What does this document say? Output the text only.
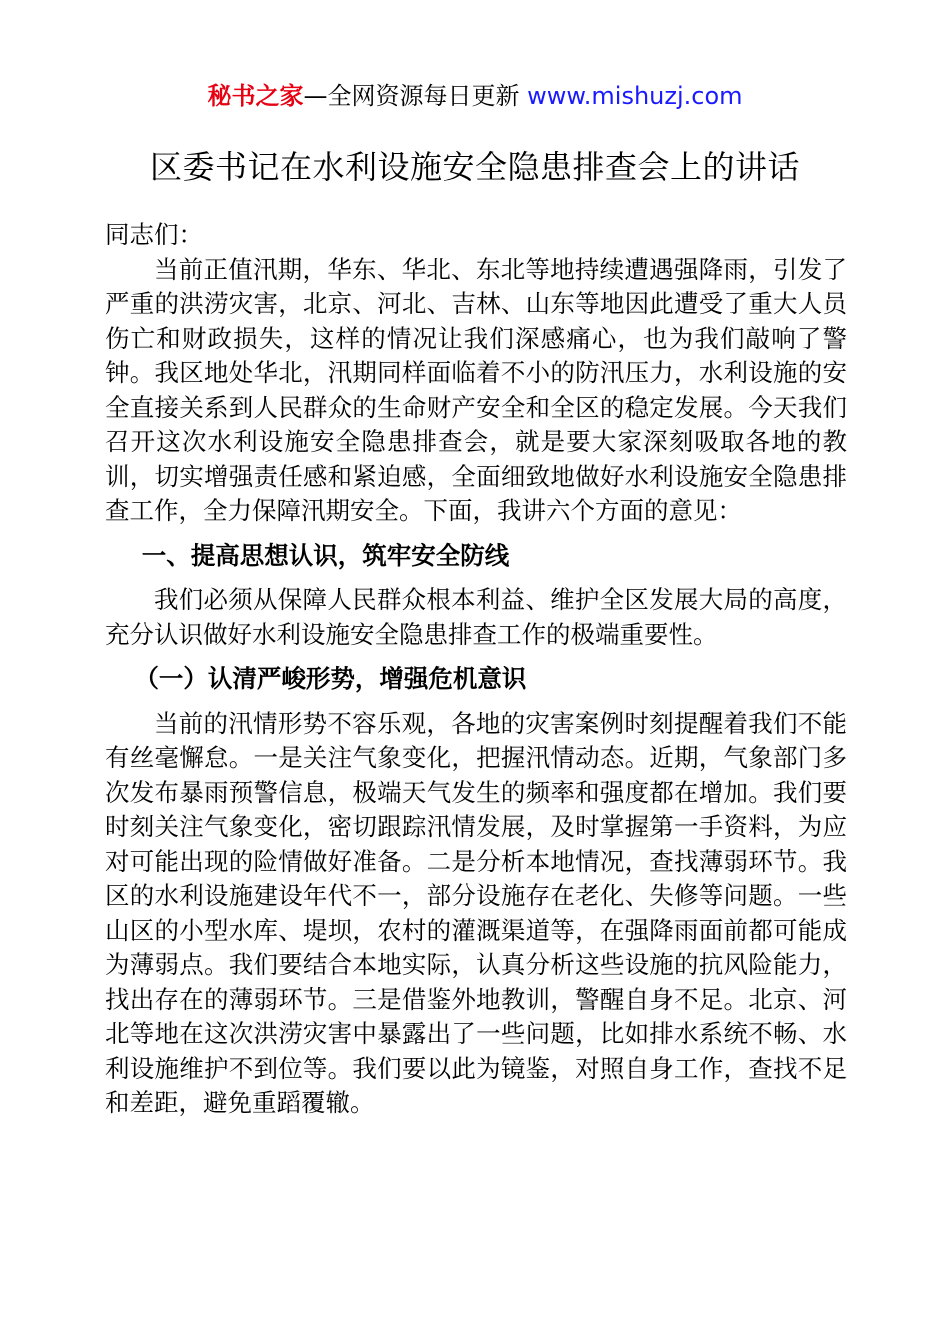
秘书之家—全网资源每日更新 www.mishuzj.com
区委书记在水利设施安全隐患排查会上的讲话

同志们：

当前正值汛期，华东、华北、东北等地持续遭遇强降雨，引发了严重的洪涝灾害，北京、河北、吉林、山东等地因此遭受了重大人员伤亡和财政损失，这样的情况让我们深感痛心，也为我们敲响了警钟。我区地处华北，汛期同样面临着不小的防汛压力，水利设施的安全直接关系到人民群众的生命财产安全和全区的稳定发展。今天我们召开这次水利设施安全隐患排查会，就是要大家深刻吸取各地的教训，切实增强责任感和紧迫感，全面细致地做好水利设施安全隐患排查工作，全力保障汛期安全。下面，我讲六个方面的意见：

一、提高思想认识，筑牢安全防线

我们必须从保障人民群众根本利益、维护全区发展大局的高度，充分认识做好水利设施安全隐患排查工作的极端重要性。

（一）认清严峻形势，增强危机意识

当前的汛情形势不容乐观，各地的灾害案例时刻提醒着我们不能有丝毫懈怠。一是关注气象变化，把握汛情动态。近期，气象部门多次发布暴雨预警信息，极端天气发生的频率和强度都在增加。我们要时刻关注气象变化，密切跟踪汛情发展，及时掌握第一手资料，为应对可能出现的险情做好准备。二是分析本地情况，查找薄弱环节。我区的水利设施建设年代不一，部分设施存在老化、失修等问题。一些山区的小型水库、堤坝，农村的灌溉渠道等，在强降雨面前都可能成为薄弱点。我们要结合本地实际，认真分析这些设施的抗风险能力，找出存在的薄弱环节。三是借鉴外地教训，警醒自身不足。北京、河北等地在这次洪涝灾害中暴露出了一些问题，比如排水系统不畅、水利设施维护不到位等。我们要以此为镜鉴，对照自身工作，查找不足和差距，避免重蹈覆辙。
